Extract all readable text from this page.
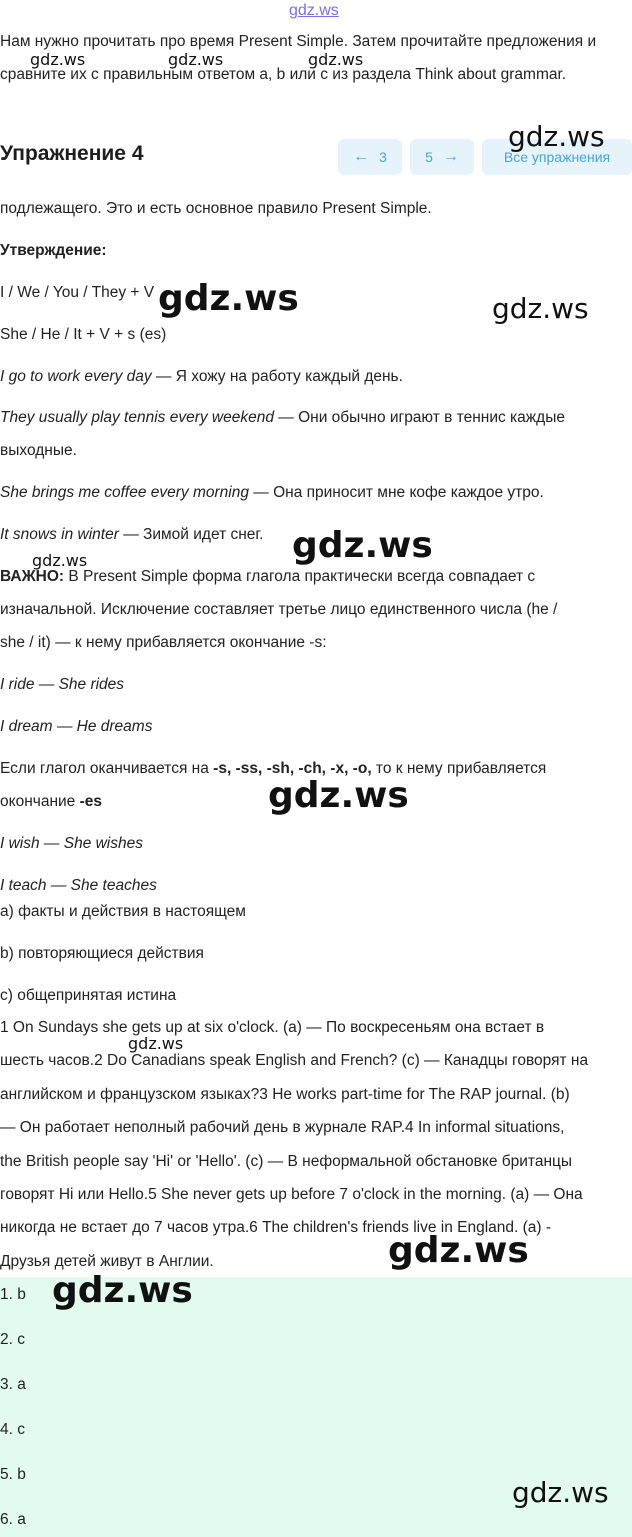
gdz.ws
Нам нужно прочитать про время Present Simple. Затем прочитайте предложения и сравните их с правильным ответом a, b или c из раздела Think about grammar.
Упражнение 4	← 3	5 →	Все упражнения
подлежащего. Это и есть основное правило Present Simple.
Утверждение:
I / We / You / They + V
She / He / It + V + s (es)
I go to work every day — Я хожу на работу каждый день.
They usually play tennis every weekend — Они обычно играют в теннис каждые
выходные.
She brings me coffee every morning — Она приносит мне кофе каждое утро.
It snows in winter — Зимой идет снег.
ВАЖНО: В Present Simple форма глагола практически всегда совпадает с
изначальной. Исключение составляет третье лицо единственного числа (he /
she / it) — к нему прибавляется окончание -s:
I ride — She rides
I dream — He dreams
Если глагол оканчивается на -s, -ss, -sh, -ch, -x, -o, то к нему прибавляется
окончание -es
I wish — She wishes
I teach — She teaches
a) факты и действия в настоящем
b) повторяющиеся действия
c) общепринятая истина
1 On Sundays she gets up at six o'clock. (a) — По воскресеньям она встает в
шесть часов.2 Do Canadians speak English and French? (c) — Канадцы говорят на
английском и французском языках?3 He works part-time for The RAP journal. (b)
— Он работает неполный рабочий день в журнале RAP.4 In informal situations,
the British people say 'Hi' or 'Hello'. (c) — В неформальной обстановке британцы
говорят Hi или Hello.5 She never gets up before 7 o'clock in the morning. (a) — Она
никогда не встает до 7 часов утра.6 The children's friends live in England. (a) -
Друзья детей живут в Англии.
1. b
2. c
3. a
4. c
5. b
6. a
gdz.ws	gdz.ws	gdz.ws
gdz.ws
gdz.ws	gdz.ws
gdz.ws
gdz.ws
gdz.ws
gdz.ws
gdz.ws
gdz.ws
gdz.ws
